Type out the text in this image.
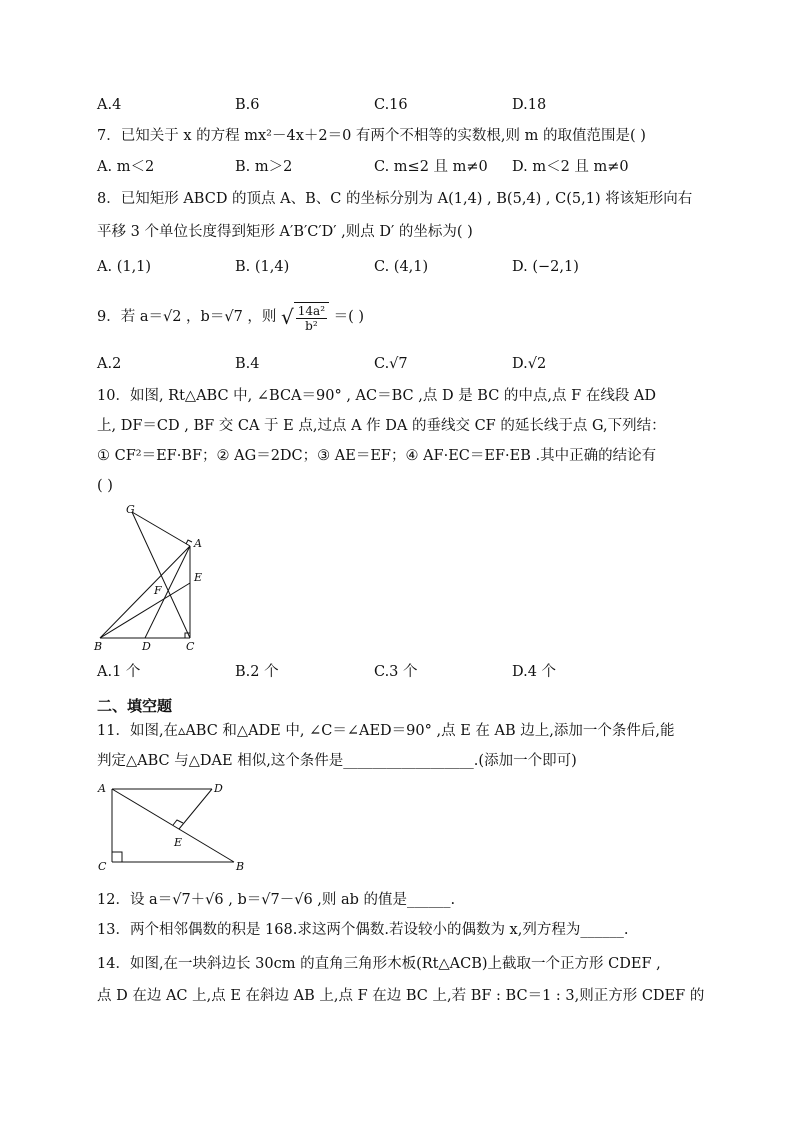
A.4	B.6	C.16	D.18
7．已知关于 x 的方程 mx²－4x＋2＝0 有两个不相等的实数根,则 m 的取值范围是( )
A. m＜2	B. m＞2	C. m≤2 且 m≠0 D. m＜2 且 m≠0
8．已知矩形 ABCD 的顶点 A、B、C 的坐标分别为 A(1,4) , B(5,4) , C(5,1) 将该矩形向右
平移 3 个单位长度得到矩形 A′B′C′D′ ,则点 D′ 的坐标为( )
A. (1,1)	B. (1,4)	C. (4,1)	D. (−2,1)
9．若 a＝√2 ，b＝√7 ，则 √ $\frac{\text{14a²}}{\text{b²}}$ ＝( )
A.2	B.4	C.√7	D.√2
10．如图, Rt△ABC 中, ∠BCA＝90° , AC＝BC ,点 D 是 BC 的中点,点 F 在线段 AD
上, DF＝CD , BF 交 CA 于 E 点,过点 A 作 DA 的垂线交 CF 的延长线于点 G,下列结：
① CF²＝EF·BF；② AG＝2DC；③ AE＝EF；④ AF·EC＝EF·EB .其中正确的结论有
( )
G
A
E
F
B	D	C
A.1 个	B.2 个	C.3 个	D.4 个
二、填空题
11．如图,在▵ABC 和△ADE 中, ∠C＝∠AED＝90° ,点 E 在 AB 边上,添加一个条件后,能
判定△ABC 与△DAE 相似,这个条件是__________________.(添加一个即可)
A	D
E
C	B
12．设 a＝√7＋√6 , b＝√7－√6 ,则 ab 的值是______.
13．两个相邻偶数的积是 168.求这两个偶数.若设较小的偶数为 x,列方程为______.
14．如图,在一块斜边长 30cm 的直角三角形木板(Rt△ACB)上截取一个正方形 CDEF ,
点 D 在边 AC 上,点 E 在斜边 AB 上,点 F 在边 BC 上,若 BF : BC＝1 : 3,则正方形 CDEF 的
